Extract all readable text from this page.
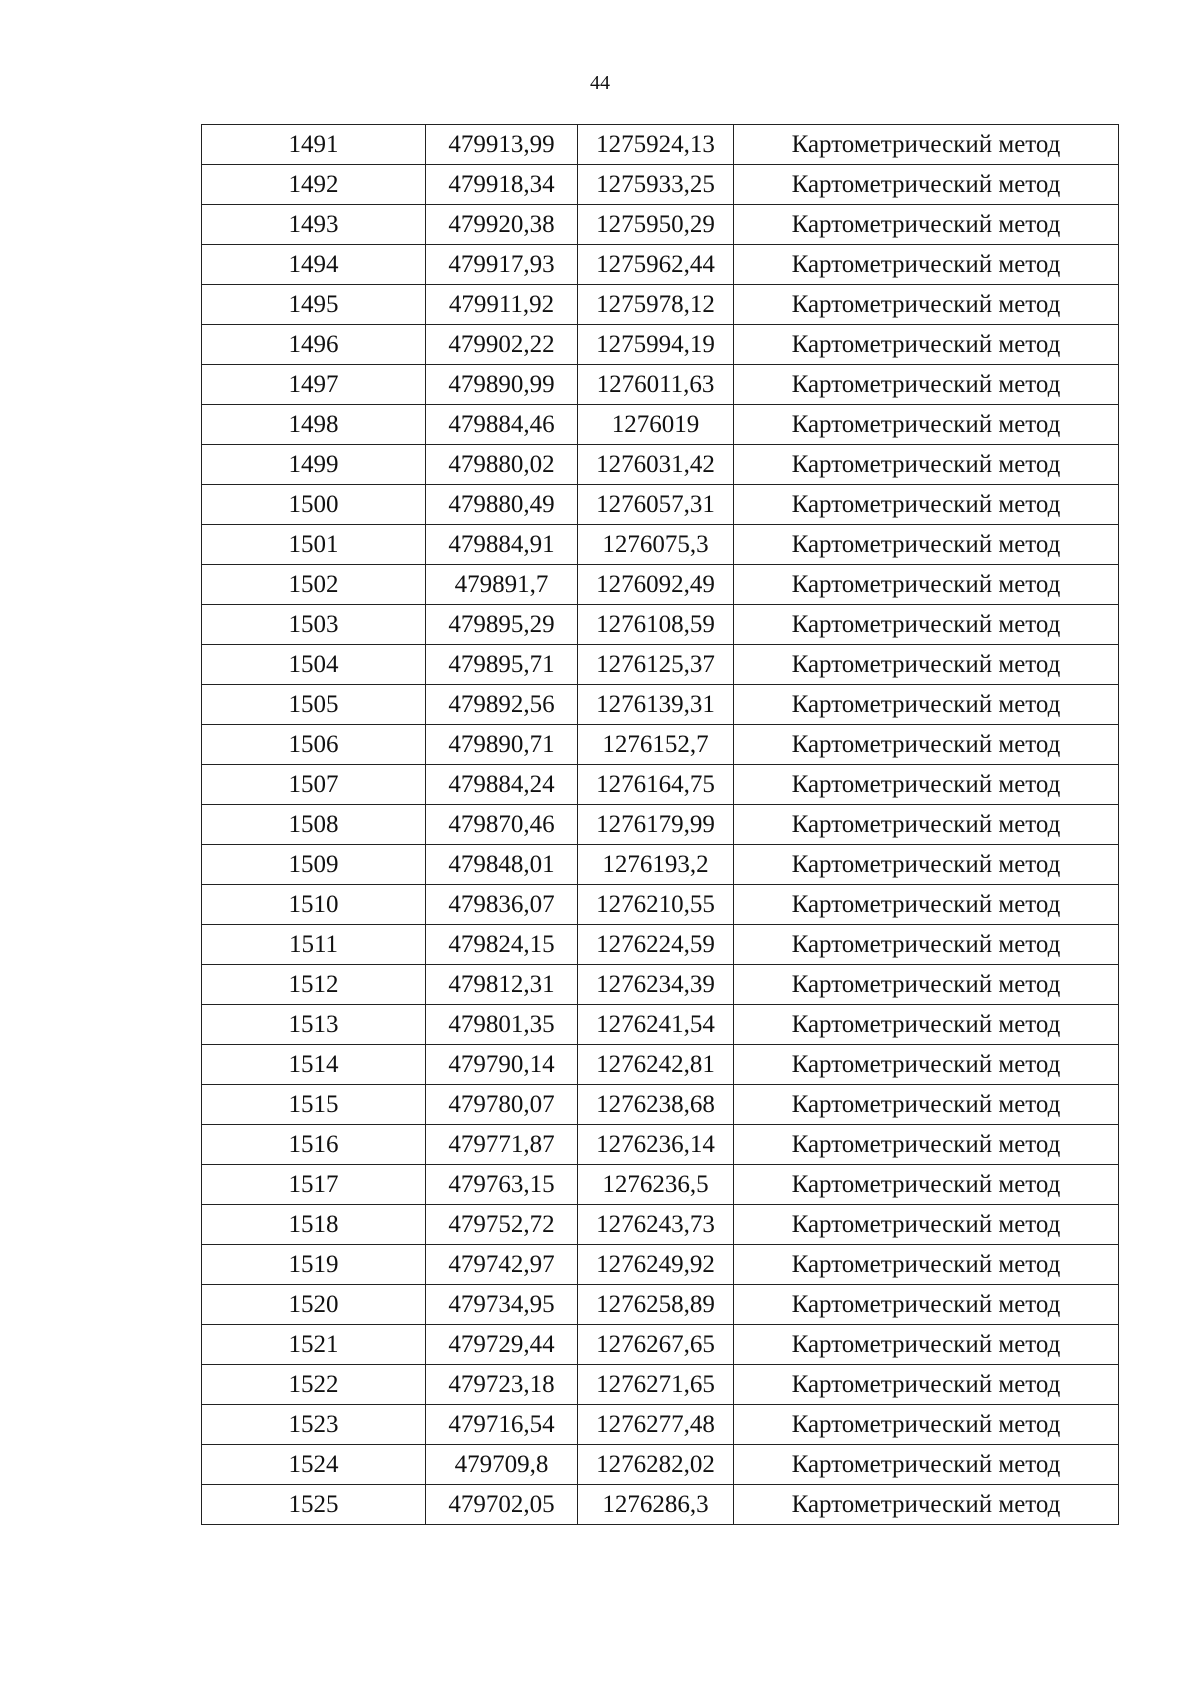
44
1491	479913,99	1275924,13	Картометрический метод
1492	479918,34	1275933,25	Картометрический метод
1493	479920,38	1275950,29	Картометрический метод
1494	479917,93	1275962,44	Картометрический метод
1495	479911,92	1275978,12	Картометрический метод
1496	479902,22	1275994,19	Картометрический метод
1497	479890,99	1276011,63	Картометрический метод
1498	479884,46	1276019	Картометрический метод
1499	479880,02	1276031,42	Картометрический метод
1500	479880,49	1276057,31	Картометрический метод
1501	479884,91	1276075,3	Картометрический метод
1502	479891,7	1276092,49	Картометрический метод
1503	479895,29	1276108,59	Картометрический метод
1504	479895,71	1276125,37	Картометрический метод
1505	479892,56	1276139,31	Картометрический метод
1506	479890,71	1276152,7	Картометрический метод
1507	479884,24	1276164,75	Картометрический метод
1508	479870,46	1276179,99	Картометрический метод
1509	479848,01	1276193,2	Картометрический метод
1510	479836,07	1276210,55	Картометрический метод
1511	479824,15	1276224,59	Картометрический метод
1512	479812,31	1276234,39	Картометрический метод
1513	479801,35	1276241,54	Картометрический метод
1514	479790,14	1276242,81	Картометрический метод
1515	479780,07	1276238,68	Картометрический метод
1516	479771,87	1276236,14	Картометрический метод
1517	479763,15	1276236,5	Картометрический метод
1518	479752,72	1276243,73	Картометрический метод
1519	479742,97	1276249,92	Картометрический метод
1520	479734,95	1276258,89	Картометрический метод
1521	479729,44	1276267,65	Картометрический метод
1522	479723,18	1276271,65	Картометрический метод
1523	479716,54	1276277,48	Картометрический метод
1524	479709,8	1276282,02	Картометрический метод
1525	479702,05	1276286,3	Картометрический метод
